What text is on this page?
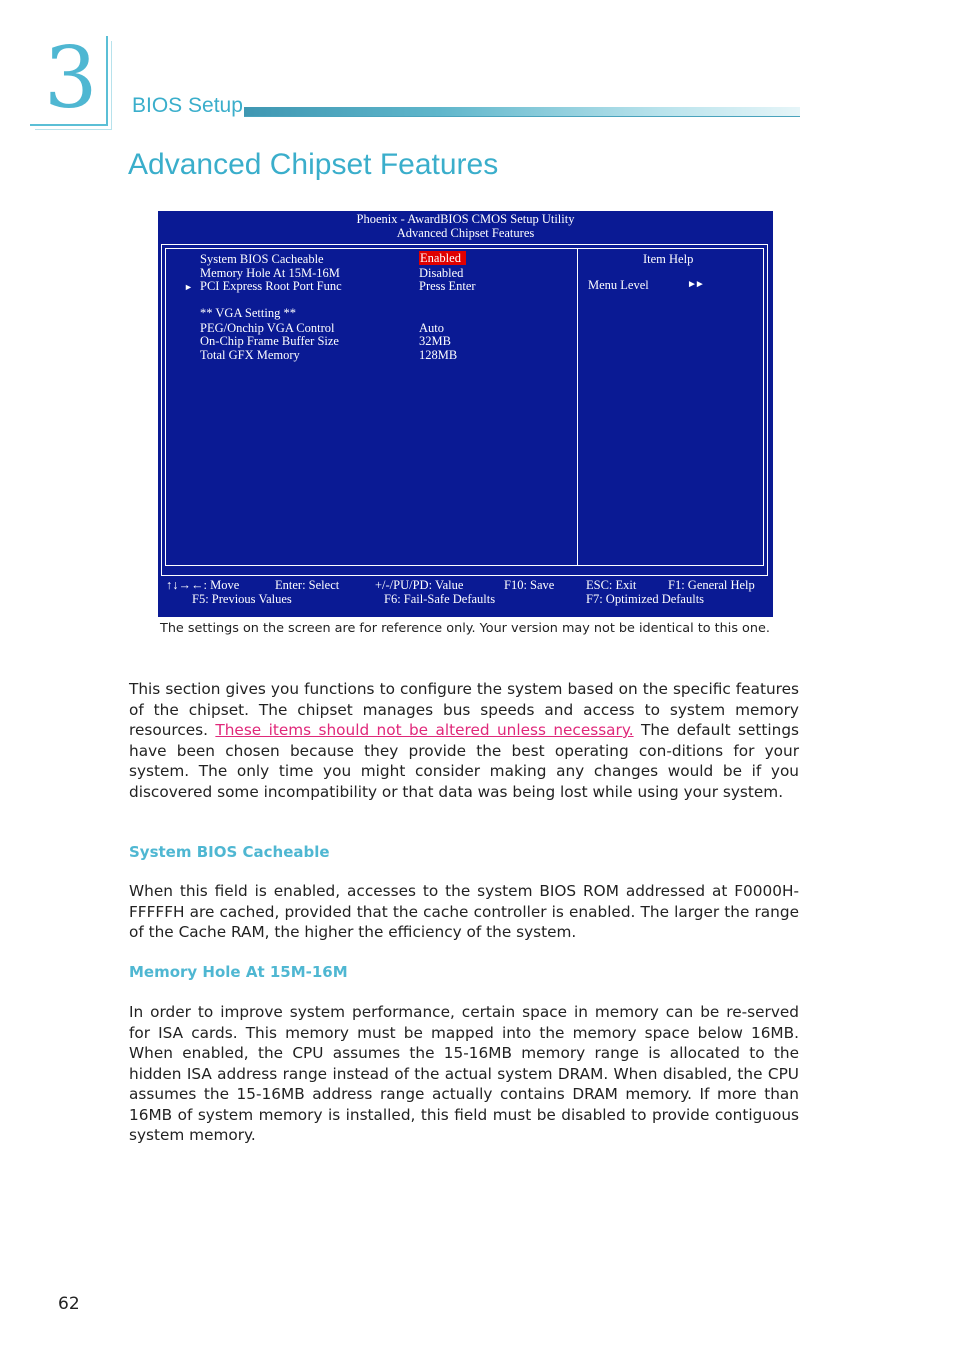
3 BIOS Setup
Advanced Chipset Features
Phoenix - AwardBIOS CMOS Setup Utility
Advanced Chipset Features
System BIOS Cacheable	Enabled
Memory Hole At 15M-16M	Disabled
► PCI Express Root Port Func	Press Enter
** VGA Setting **
PEG/Onchip VGA Control	Auto
On-Chip Frame Buffer Size	32MB
Total GFX Memory	128MB
Item Help
Menu Level	►►
↑↓→←: Move	Enter: Select	+/-/PU/PD: Value	F10: Save	ESC: Exit	F1: General Help
F5: Previous Values	F6: Fail-Safe Defaults	F7: Optimized Defaults

The settings on the screen are for reference only. Your version may not be identical to this one.

This section gives you functions to configure the system based on the specific features of the chipset. The chipset manages bus speeds and access to system memory resources. These items should not be altered unless necessary. The default settings have been chosen because they provide the best operating con-ditions for your system. The only time you might consider making any changes would be if you discovered some incompatibility or that data was being lost while using your system.

System BIOS Cacheable

When this field is enabled, accesses to the system BIOS ROM addressed at F0000H-FFFFFH are cached, provided that the cache controller is enabled. The larger the range of the Cache RAM, the higher the efficiency of the system.

Memory Hole At 15M-16M

In order to improve system performance, certain space in memory can be re-served for ISA cards. This memory must be mapped into the memory space below 16MB. When enabled, the CPU assumes the 15-16MB memory range is allocated to the hidden ISA address range instead of the actual system DRAM. When disabled, the CPU assumes the 15-16MB address range actually contains DRAM memory. If more than 16MB of system memory is installed, this field must be disabled to provide contiguous system memory.

62
